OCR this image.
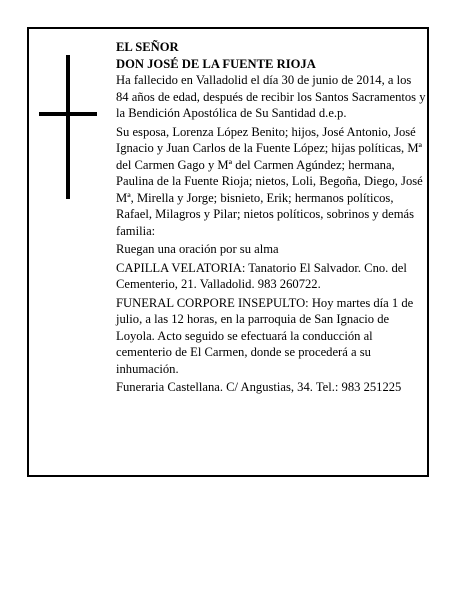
EL SEÑOR

DON JOSÉ DE LA FUENTE RIOJA

Ha fallecido en Valladolid el día 30 de junio de 2014, a los 84 años de edad, después de recibir los Santos Sacramentos y la Bendición Apostólica de Su Santidad d.e.p.

Su esposa, Lorenza López Benito; hijos, José Antonio, José Ignacio y Juan Carlos de la Fuente López; hijas políticas, Mª del Carmen Gago y Mª del Carmen Agúndez; hermana, Paulina de la Fuente Rioja; nietos, Loli, Begoña, Diego, José Mª, Mirella y Jorge; bisnieto, Erik; hermanos políticos, Rafael, Milagros y Pilar; nietos políticos, sobrinos y demás familia:

Ruegan una oración por su alma

CAPILLA VELATORIA: Tanatorio El Salvador. Cno. del Cementerio, 21. Valladolid. 983 260722.

FUNERAL CORPORE INSEPULTO: Hoy martes día 1 de julio, a las 12 horas, en la parroquia de San Ignacio de Loyola. Acto seguido se efectuará la conducción al cementerio de El Carmen, donde se procederá a su inhumación.

Funeraria Castellana. C/ Angustias, 34. Tel.: 983 251225
